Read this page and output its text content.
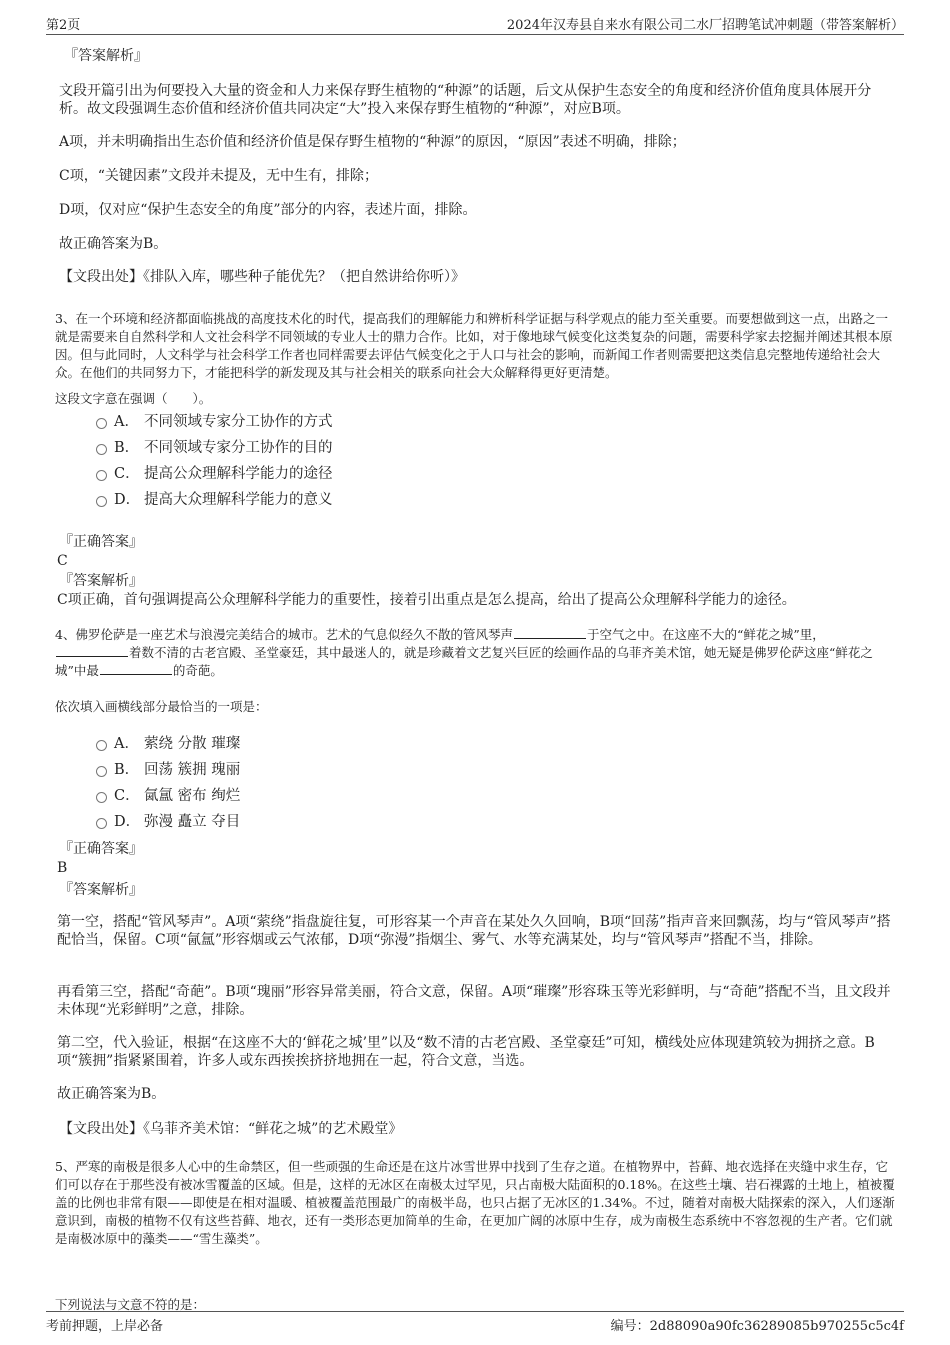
第2页	2024年汉寿县自来水有限公司二水厂招聘笔试冲刺题（带答案解析）
『答案解析』

文段开篇引出为何要投入大量的资金和人力来保存野生植物的“种源”的话题，后文从保护生态安全的角度和经济价值角度具体展开分析。故文段强调生态价值和经济价值共同决定“大”投入来保存野生植物的“种源”，对应B项。

A项，并未明确指出生态价值和经济价值是保存野生植物的“种源”的原因，“原因”表述不明确，排除；

C项，“关键因素”文段并未提及，无中生有，排除；

D项，仅对应“保护生态安全的角度”部分的内容，表述片面，排除。

故正确答案为B。

【文段出处】《排队入库，哪些种子能优先？（把自然讲给你听）》

3、在一个环境和经济都面临挑战的高度技术化的时代，提高我们的理解能力和辨析科学证据与科学观点的能力至关重要。而要想做到这一点，出路之一就是需要来自自然科学和人文社会科学不同领域的专业人士的鼎力合作。比如，对于像地球气候变化这类复杂的问题，需要科学家去挖掘并阐述其根本原因。但与此同时，人文科学与社会科学工作者也同样需要去评估气候变化之于人口与社会的影响，而新闻工作者则需要把这类信息完整地传递给社会大众。在他们的共同努力下，才能把科学的新发现及其与社会相关的联系向社会大众解释得更好更清楚。

这段文字意在强调（　　）。

A． 不同领域专家分工协作的方式
B． 不同领域专家分工协作的目的
C． 提高公众理解科学能力的途径
D． 提高大众理解科学能力的意义
『正确答案』
C
『答案解析』

C项正确，首句强调提高公众理解科学能力的重要性，接着引出重点是怎么提高，给出了提高公众理解科学能力的途径。

4、佛罗伦萨是一座艺术与浪漫完美结合的城市。艺术的气息似经久不散的管风琴声	于空气之中。在这座不大的“鲜花之城”里，着数不清的古老宫殿、圣堂豪廷，其中最迷人的，就是珍藏着文艺复兴巨匠的绘画作品的乌菲齐美术馆，她无疑是佛罗伦萨这座“鲜花之城”中最	的奇葩。

依次填入画横线部分最恰当的一项是：

A． 萦绕 分散 璀璨
B． 回荡 簇拥 瑰丽
C． 氤氲 密布 绚烂
D． 弥漫 矗立 夺目
『正确答案』
B
『答案解析』

第一空，搭配“管风琴声”。A项“萦绕”指盘旋往复，可形容某一个声音在某处久久回响，B项“回荡”指声音来回飘荡，均与“管风琴声”搭配恰当，保留。C项“氤氲”形容烟或云气浓郁，D项“弥漫”指烟尘、雾气、水等充满某处，均与“管风琴声”搭配不当，排除。

再看第三空，搭配“奇葩”。B项“瑰丽”形容异常美丽，符合文意，保留。A项“璀璨”形容珠玉等光彩鲜明，与“奇葩”搭配不当，且文段并未体现“光彩鲜明”之意，排除。

第二空，代入验证，根据“在这座不大的‘鲜花之城’里”以及“数不清的古老宫殿、圣堂豪廷”可知，横线处应体现建筑较为拥挤之意。B项“簇拥”指紧紧围着，许多人或东西挨挨挤挤地拥在一起，符合文意，当选。

故正确答案为B。

【文段出处】《乌菲齐美术馆：“鲜花之城”的艺术殿堂》

5、严寒的南极是很多人心中的生命禁区，但一些顽强的生命还是在这片冰雪世界中找到了生存之道。在植物界中，苔藓、地衣选择在夹缝中求生存，它们可以存在于那些没有被冰雪覆盖的区域。但是，这样的无冰区在南极太过罕见，只占南极大陆面积的0.18%。在这些土壤、岩石裸露的土地上，植被覆盖的比例也非常有限——即使是在相对温暖、植被覆盖范围最广的南极半岛，也只占据了无冰区的1.34%。不过，随着对南极大陆探索的深入，人们逐渐意识到，南极的植物不仅有这些苔藓、地衣，还有一类形态更加简单的生命，在更加广阔的冰原中生存，成为南极生态系统中不容忽视的生产者。它们就是南极冰原中的藻类——“雪生藻类”。

下列说法与文意不符的是：

考前押题，上岸必备	编号：2d88090a90fc36289085b970255c5c4f
